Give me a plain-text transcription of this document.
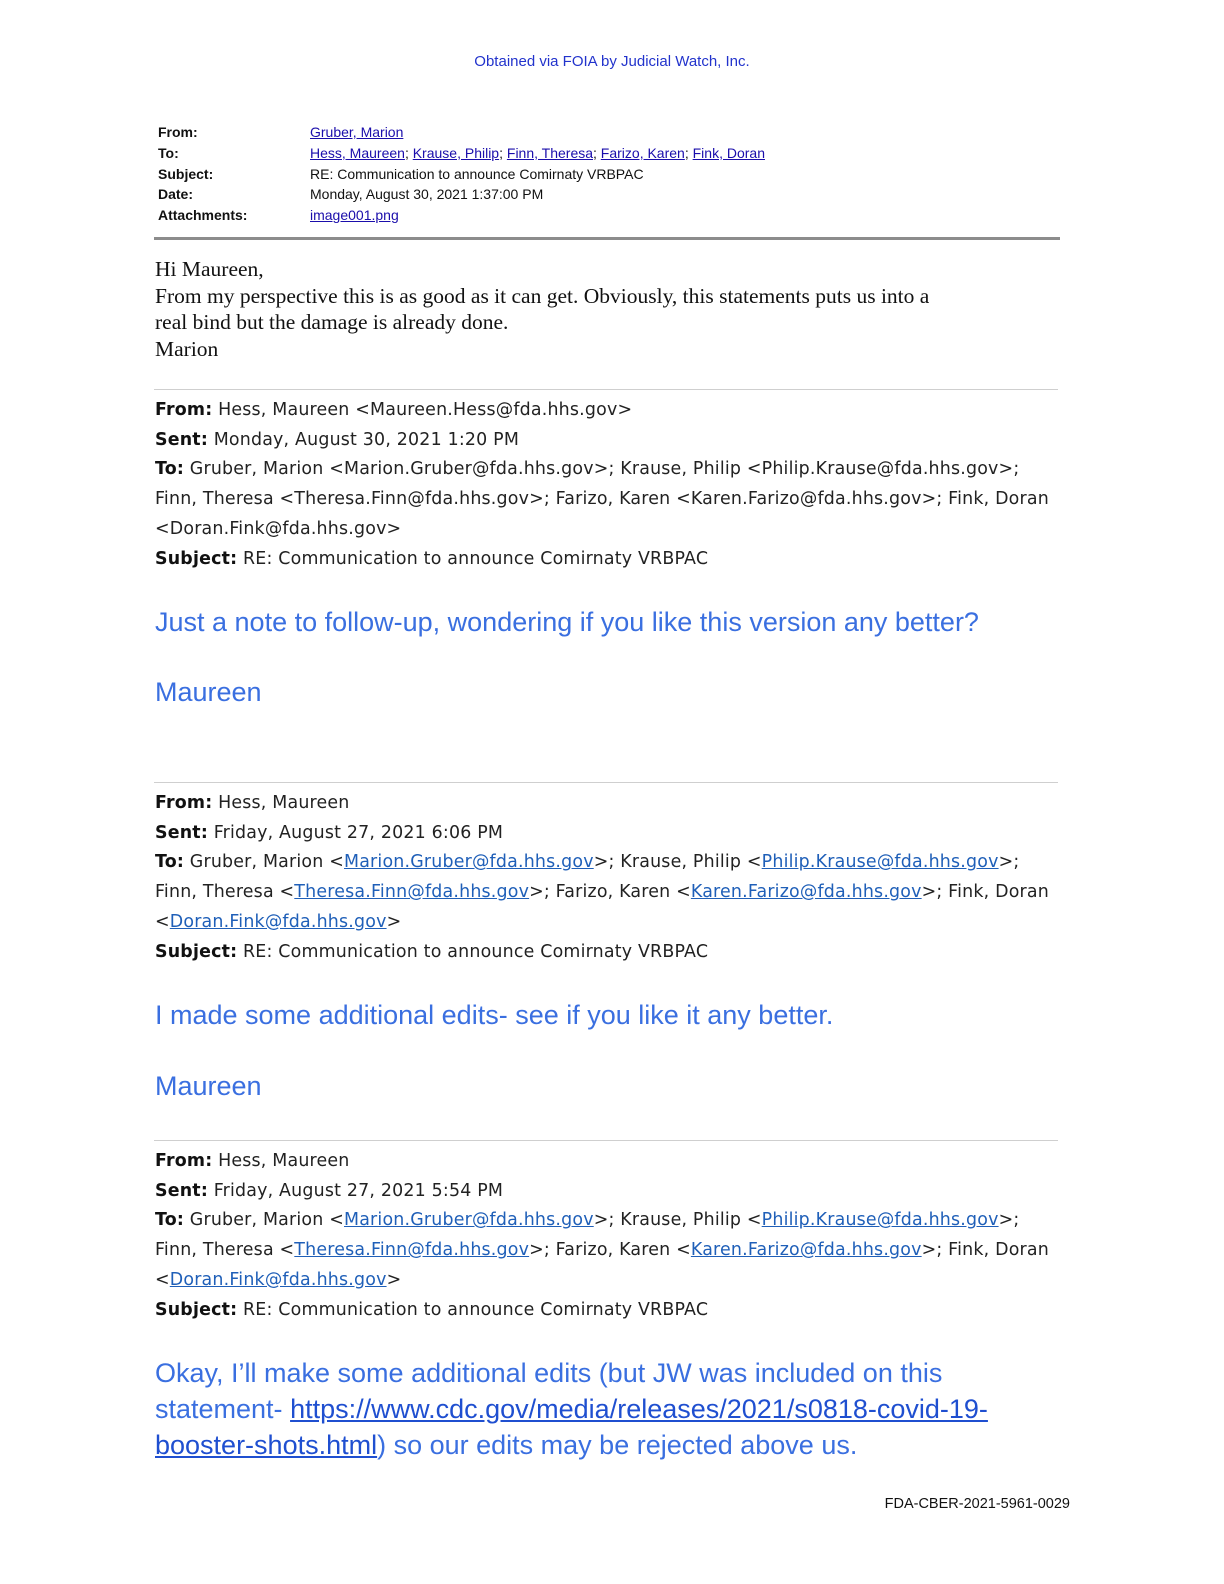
Obtained via FOIA by Judicial Watch, Inc.
From:	Gruber, Marion
To:	Hess, Maureen; Krause, Philip; Finn, Theresa; Farizo, Karen; Fink, Doran
Subject:	RE: Communication to announce Comirnaty VRBPAC
Date:	Monday, August 30, 2021 1:37:00 PM
Attachments:	image001.png
Hi Maureen,
From my perspective this is as good as it can get. Obviously, this statements puts us into a
real bind but the damage is already done.
Marion
From: Hess, Maureen <Maureen.Hess@fda.hhs.gov>
Sent: Monday, August 30, 2021 1:20 PM
To: Gruber, Marion <Marion.Gruber@fda.hhs.gov>; Krause, Philip <Philip.Krause@fda.hhs.gov>;
Finn, Theresa <Theresa.Finn@fda.hhs.gov>; Farizo, Karen <Karen.Farizo@fda.hhs.gov>; Fink, Doran
<Doran.Fink@fda.hhs.gov>
Subject: RE: Communication to announce Comirnaty VRBPAC
Just a note to follow-up, wondering if you like this version any better?
Maureen
From: Hess, Maureen
Sent: Friday, August 27, 2021 6:06 PM
To: Gruber, Marion <Marion.Gruber@fda.hhs.gov>; Krause, Philip <Philip.Krause@fda.hhs.gov>;
Finn, Theresa <Theresa.Finn@fda.hhs.gov>; Farizo, Karen <Karen.Farizo@fda.hhs.gov>; Fink, Doran
<Doran.Fink@fda.hhs.gov>
Subject: RE: Communication to announce Comirnaty VRBPAC
I made some additional edits- see if you like it any better.
Maureen
From: Hess, Maureen
Sent: Friday, August 27, 2021 5:54 PM
To: Gruber, Marion <Marion.Gruber@fda.hhs.gov>; Krause, Philip <Philip.Krause@fda.hhs.gov>;
Finn, Theresa <Theresa.Finn@fda.hhs.gov>; Farizo, Karen <Karen.Farizo@fda.hhs.gov>; Fink, Doran
<Doran.Fink@fda.hhs.gov>
Subject: RE: Communication to announce Comirnaty VRBPAC
Okay, I’ll make some additional edits (but JW was included on this
statement- https://www.cdc.gov/media/releases/2021/s0818-covid-19-
booster-shots.html) so our edits may be rejected above us.
FDA-CBER-2021-5961-0029
